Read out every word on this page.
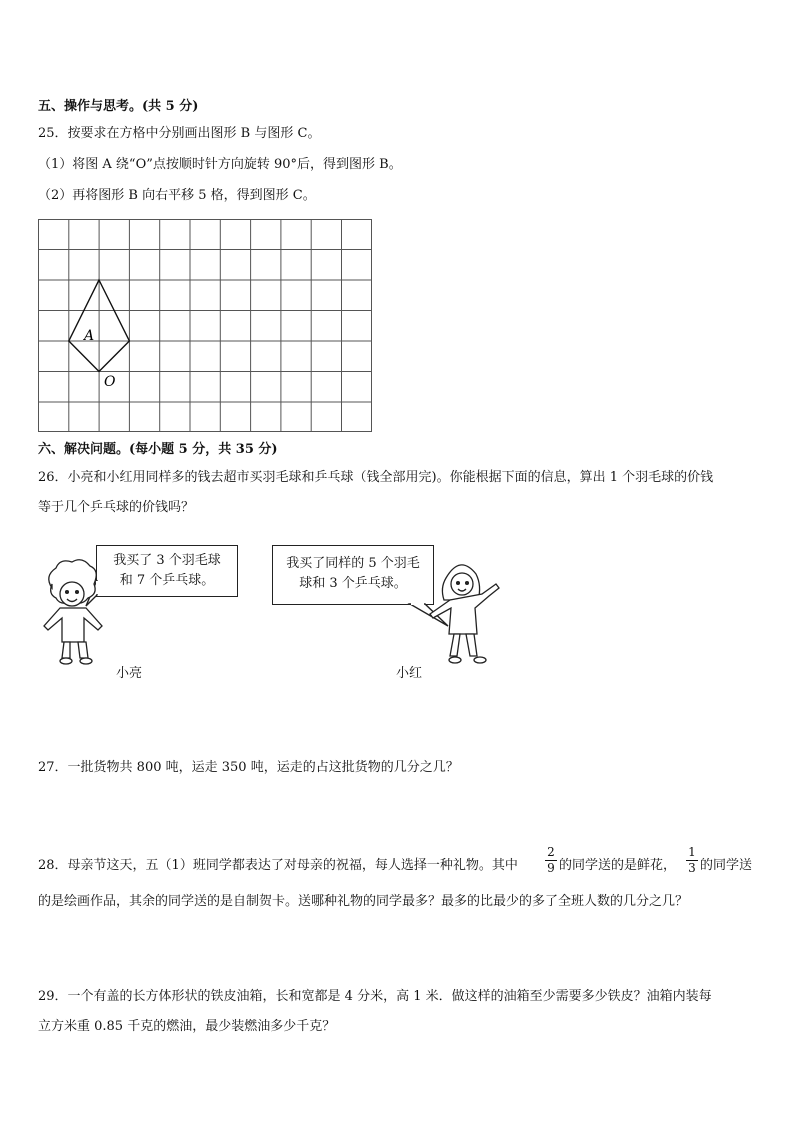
五、操作与思考。(共 5 分)
25．按要求在方格中分别画出图形 B 与图形 C。
（1）将图 A 绕“O”点按顺时针方向旋转 90°后，得到图形 B。
（2）再将图形 B 向右平移 5 格，得到图形 C。
A
O
六、解决问题。(每小题 5 分，共 35 分)
26．小亮和小红用同样多的钱去超市买羽毛球和乒乓球（钱全部用完)。你能根据下面的信息，算出 1 个羽毛球的价钱
等于几个乒乓球的价钱吗？
我买了 3 个羽毛球
和 7 个乒乓球。
我买了同样的 5 个羽毛
球和 3 个乒乓球。
小亮	小红
27．一批货物共 800 吨，运走 350 吨，运走的占这批货物的几分之几？
28．母亲节这天，五（1）班同学都表达了对母亲的祝福，每人选择一种礼物。其中
2
9 的同学送的是鲜花，
1
3 的同学送
的是绘画作品，其余的同学送的是自制贺卡。送哪种礼物的同学最多？最多的比最少的多了全班人数的几分之几？
29．一个有盖的长方体形状的铁皮油箱，长和宽都是 4 分米，高 1 米．做这样的油箱至少需要多少铁皮？油箱内装每
立方米重 0.85 千克的燃油，最少装燃油多少千克？
